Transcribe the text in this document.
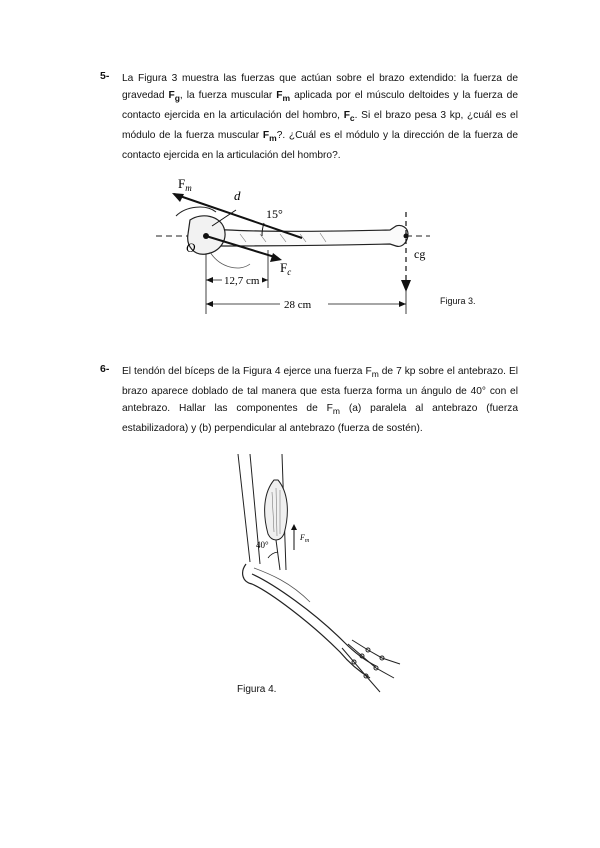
5- La Figura 3 muestra las fuerzas que actúan sobre el brazo extendido: la fuerza de gravedad $F_g$, la fuerza muscular $F_m$ aplicada por el músculo deltoides y la fuerza de contacto ejercida en la articulación del hombro, $F_c$. Si el brazo pesa 3 kp, ¿cuál es el módulo de la fuerza muscular $F_m$?. ¿Cuál es el módulo y la dirección de la fuerza de contacto ejercida en la articulación del hombro?.
$F_m$	d
15°
O
$F_c$
cg
12,7 cm
28 cm	Figura 3.
6- El tendón del bíceps de la Figura 4 ejerce una fuerza $F_m$ de 7 kp sobre el antebrazo. El brazo aparece doblado de tal manera que esta fuerza forma un ángulo de 40° con el antebrazo. Hallar las componentes de $F_m$ (a) paralela al antebrazo (fuerza estabilizadora) y (b) perpendicular al antebrazo (fuerza de sostén).
40°
$F_m$
Figura 4.
